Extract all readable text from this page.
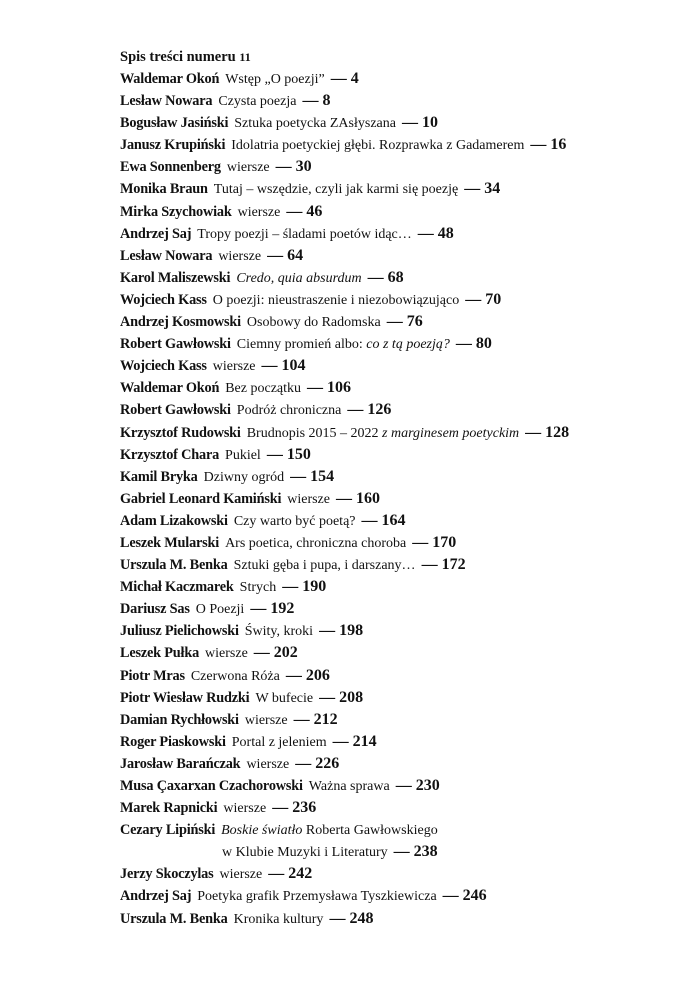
Spis treści numeru 11
Waldemar Okoń Wstęp „O poezji” — 4
Lesław Nowara Czysta poezja — 8
Bogusław Jasiński Sztuka poetycka ZAsłyszana — 10
Janusz Krupiński Idolatria poetyckiej głębi. Rozprawka z Gadamerem — 16
Ewa Sonnenberg wiersze — 30
Monika Braun Tutaj – wszędzie, czyli jak karmi się poezję — 34
Mirka Szychowiak wiersze — 46
Andrzej Saj Tropy poezji – śladami poetów idąc… — 48
Lesław Nowara wiersze — 64
Karol Maliszewski Credo, quia absurdum — 68
Wojciech Kass O poezji: nieustraszenie i niezobowiązująco — 70
Andrzej Kosmowski Osobowy do Radomska — 76
Robert Gawłowski Ciemny promień albo: co z tą poezją? — 80
Wojciech Kass wiersze — 104
Waldemar Okoń Bez początku — 106
Robert Gawłowski Podróż chroniczna — 126
Krzysztof Rudowski Brudnopis 2015 – 2022 z marginesem poetyckim — 128
Krzysztof Chara Pukiel — 150
Kamil Bryka Dziwny ogród — 154
Gabriel Leonard Kamiński wiersze — 160
Adam Lizakowski Czy warto być poetą? — 164
Leszek Mularski Ars poetica, chroniczna choroba — 170
Urszula M. Benka Sztuki gęba i pupa, i darszany… — 172
Michał Kaczmarek Strych — 190
Dariusz Sas O Poezji — 192
Juliusz Pielichowski Świty, kroki — 198
Leszek Pułka wiersze — 202
Piotr Mras Czerwona Róża — 206
Piotr Wiesław Rudzki W bufecie — 208
Damian Rychłowski wiersze — 212
Roger Piaskowski Portal z jeleniem — 214
Jarosław Barańczak wiersze — 226
Musa Çaxarxan Czachorowski Ważna sprawa — 230
Marek Rapnicki wiersze — 236
Cezary Lipiński Boskie światło Roberta Gawłowskiego
w Klubie Muzyki i Literatury — 238
Jerzy Skoczylas wiersze — 242
Andrzej Saj Poetyka grafik Przemysława Tyszkiewicza — 246
Urszula M. Benka Kronika kultury — 248
